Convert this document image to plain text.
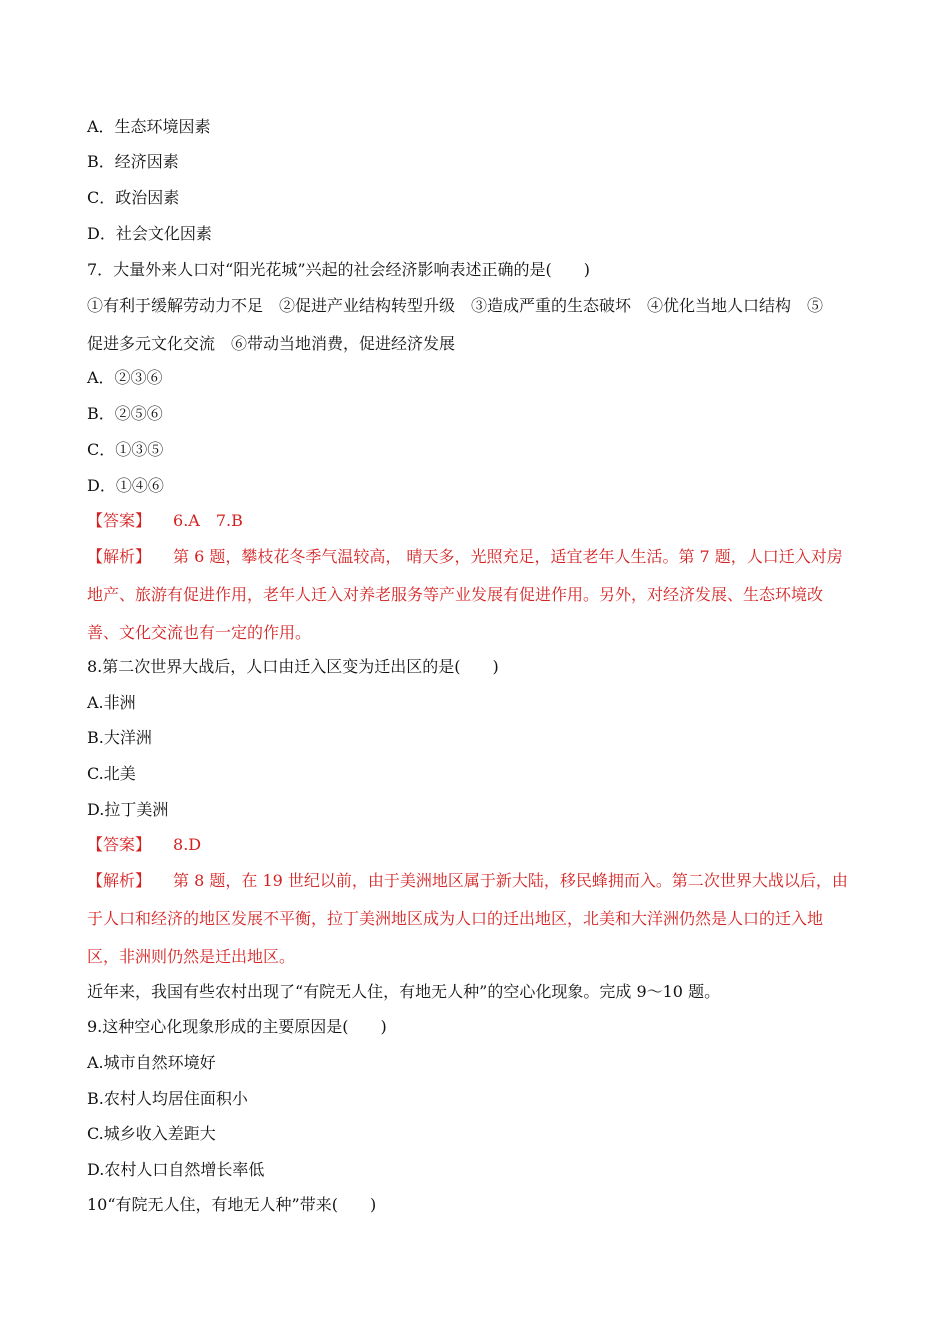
A．生态环境因素
B．经济因素
C．政治因素
D．社会文化因素
7．大量外来人口对“阳光花城”兴起的社会经济影响表述正确的是(　　)
①有利于缓解劳动力不足　②促进产业结构转型升级　③造成严重的生态破坏　④优化当地人口结构　⑤
促进多元文化交流　⑥带动当地消费，促进经济发展
A．②③⑥
B．②⑤⑥
C．①③⑤
D．①④⑥
【答案】 6.A　7.B
【解析】 第 6 题，攀枝花冬季气温较高， 晴天多，光照充足，适宜老年人生活。第 7 题，人口迁入对房
地产、旅游有促进作用，老年人迁入对养老服务等产业发展有促进作用。另外，对经济发展、生态环境改
善、文化交流也有一定的作用。
8.第二次世界大战后，人口由迁入区变为迁出区的是(　　)
A.非洲
B.大洋洲
C.北美
D.拉丁美洲
【答案】 8.D
【解析】 第 8 题，在 19 世纪以前，由于美洲地区属于新大陆，移民蜂拥而入。第二次世界大战以后，由
于人口和经济的地区发展不平衡，拉丁美洲地区成为人口的迁出地区，北美和大洋洲仍然是人口的迁入地
区，非洲则仍然是迁出地区。
近年来，我国有些农村出现了“有院无人住，有地无人种”的空心化现象。完成 9～10 题。
9.这种空心化现象形成的主要原因是(　　)
A.城市自然环境好
B.农村人均居住面积小
C.城乡收入差距大
D.农村人口自然增长率低
10“有院无人住，有地无人种”带来(　　)
